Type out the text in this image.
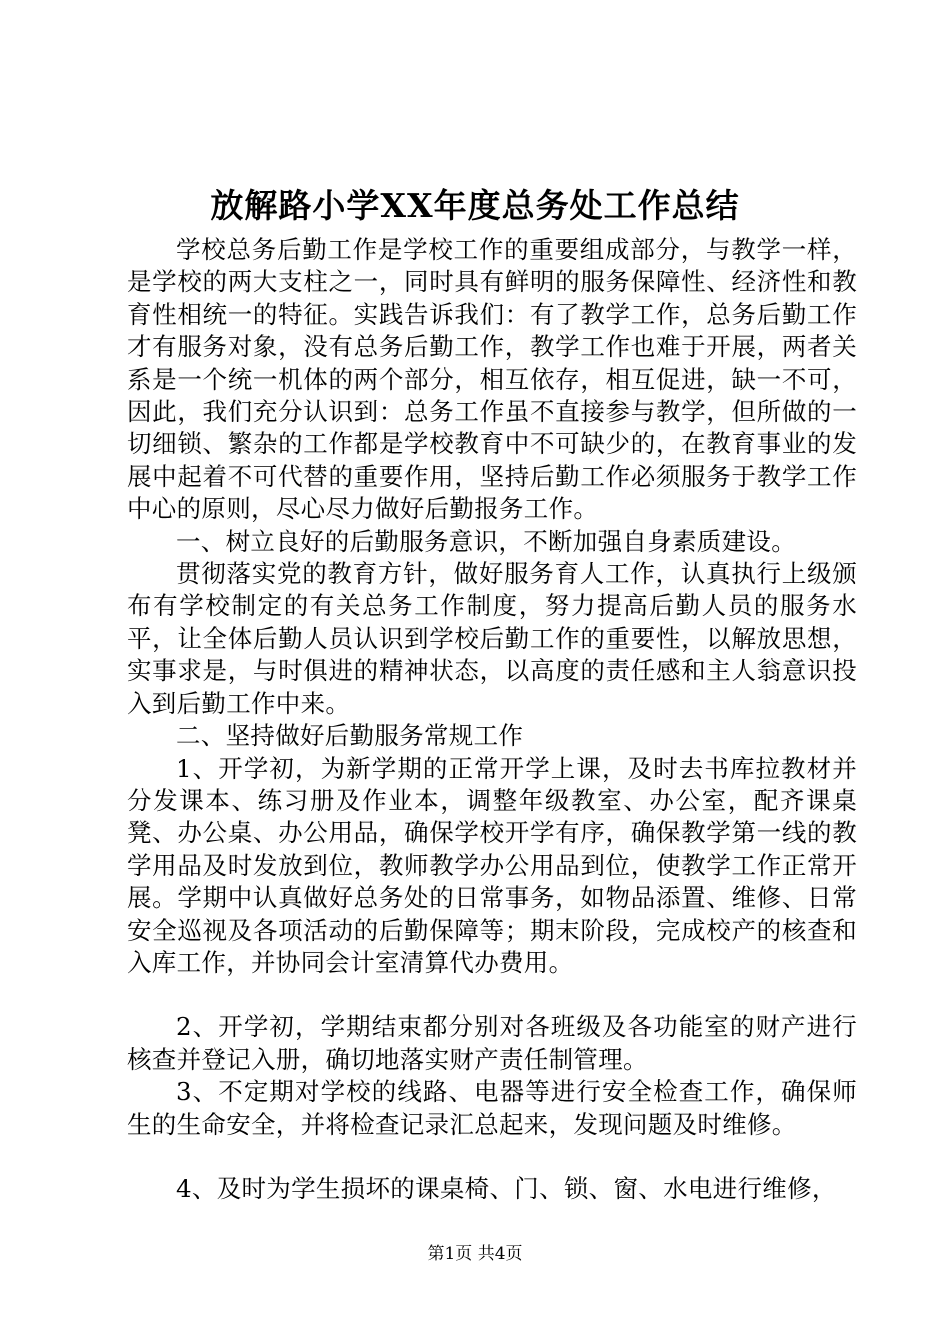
放解路小学XX年度总务处工作总结

学校总务后勤工作是学校工作的重要组成部分，与教学一样，是学校的两大支柱之一，同时具有鲜明的服务保障性、经济性和教育性相统一的特征。实践告诉我们：有了教学工作，总务后勤工作才有服务对象，没有总务后勤工作，教学工作也难于开展，两者关系是一个统一机体的两个部分，相互依存，相互促进，缺一不可，因此，我们充分认识到：总务工作虽不直接参与教学，但所做的一切细锁、繁杂的工作都是学校教育中不可缺少的，在教育事业的发展中起着不可代替的重要作用，坚持后勤工作必须服务于教学工作中心的原则，尽心尽力做好后勤报务工作。

一、树立良好的后勤服务意识，不断加强自身素质建设。

贯彻落实党的教育方针，做好服务育人工作，认真执行上级颁布有学校制定的有关总务工作制度，努力提高后勤人员的服务水平，让全体后勤人员认识到学校后勤工作的重要性，以解放思想，实事求是，与时俱进的精神状态，以高度的责任感和主人翁意识投入到后勤工作中来。

二、坚持做好后勤服务常规工作

1、开学初，为新学期的正常开学上课，及时去书库拉教材并分发课本、练习册及作业本，调整年级教室、办公室，配齐课桌凳、办公桌、办公用品，确保学校开学有序，确保教学第一线的教学用品及时发放到位，教师教学办公用品到位，使教学工作正常开展。学期中认真做好总务处的日常事务，如物品添置、维修、日常安全巡视及各项活动的后勤保障等；期末阶段，完成校产的核查和入库工作，并协同会计室清算代办费用。

2、开学初，学期结束都分别对各班级及各功能室的财产进行核查并登记入册，确切地落实财产责任制管理。

3、不定期对学校的线路、电器等进行安全检查工作，确保师生的生命安全，并将检查记录汇总起来，发现问题及时维修。

4、及时为学生损坏的课桌椅、门、锁、窗、水电进行维修，

第1页 共4页
